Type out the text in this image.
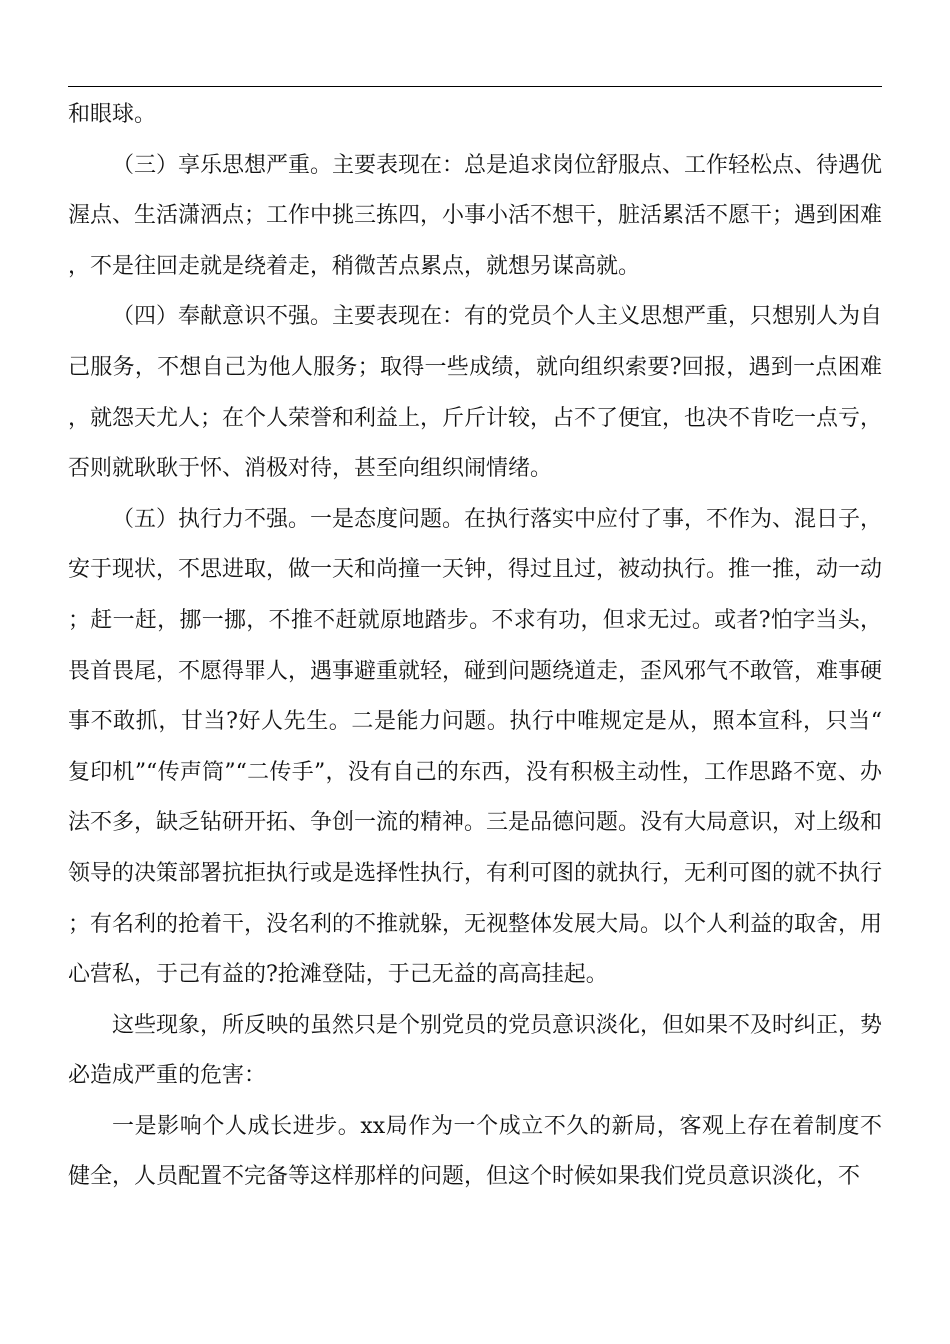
和眼球。

（三）享乐思想严重。主要表现在：总是追求岗位舒服点、工作轻松点、待遇优渥点、生活潇洒点；工作中挑三拣四，小事小活不想干，脏活累活不愿干；遇到困难，不是往回走就是绕着走，稍微苦点累点，就想另谋高就。

（四）奉献意识不强。主要表现在：有的党员个人主义思想严重，只想别人为自己服务，不想自己为他人服务；取得一些成绩，就向组织索要?回报，遇到一点困难，就怨天尤人；在个人荣誉和利益上，斤斤计较，占不了便宜，也决不肯吃一点亏，否则就耿耿于怀、消极对待，甚至向组织闹情绪。

（五）执行力不强。一是态度问题。在执行落实中应付了事，不作为、混日子，安于现状，不思进取，做一天和尚撞一天钟，得过且过，被动执行。推一推，动一动；赶一赶，挪一挪，不推不赶就原地踏步。不求有功，但求无过。或者?怕字当头，畏首畏尾，不愿得罪人，遇事避重就轻，碰到问题绕道走，歪风邪气不敢管，难事硬事不敢抓，甘当?好人先生。二是能力问题。执行中唯规定是从，照本宣科，只当“复印机”“传声筒”“二传手”，没有自己的东西，没有积极主动性，工作思路不宽、办法不多，缺乏钻研开拓、争创一流的精神。三是品德问题。没有大局意识，对上级和领导的决策部署抗拒执行或是选择性执行，有利可图的就执行，无利可图的就不执行；有名利的抢着干，没名利的不推就躲，无视整体发展大局。以个人利益的取舍，用心营私，于己有益的?抢滩登陆，于己无益的高高挂起。

这些现象，所反映的虽然只是个别党员的党员意识淡化，但如果不及时纠正，势必造成严重的危害：

一是影响个人成长进步。xx局作为一个成立不久的新局，客观上存在着制度不健全，人员配置不完备等这样那样的问题，但这个时候如果我们党员意识淡化，不
